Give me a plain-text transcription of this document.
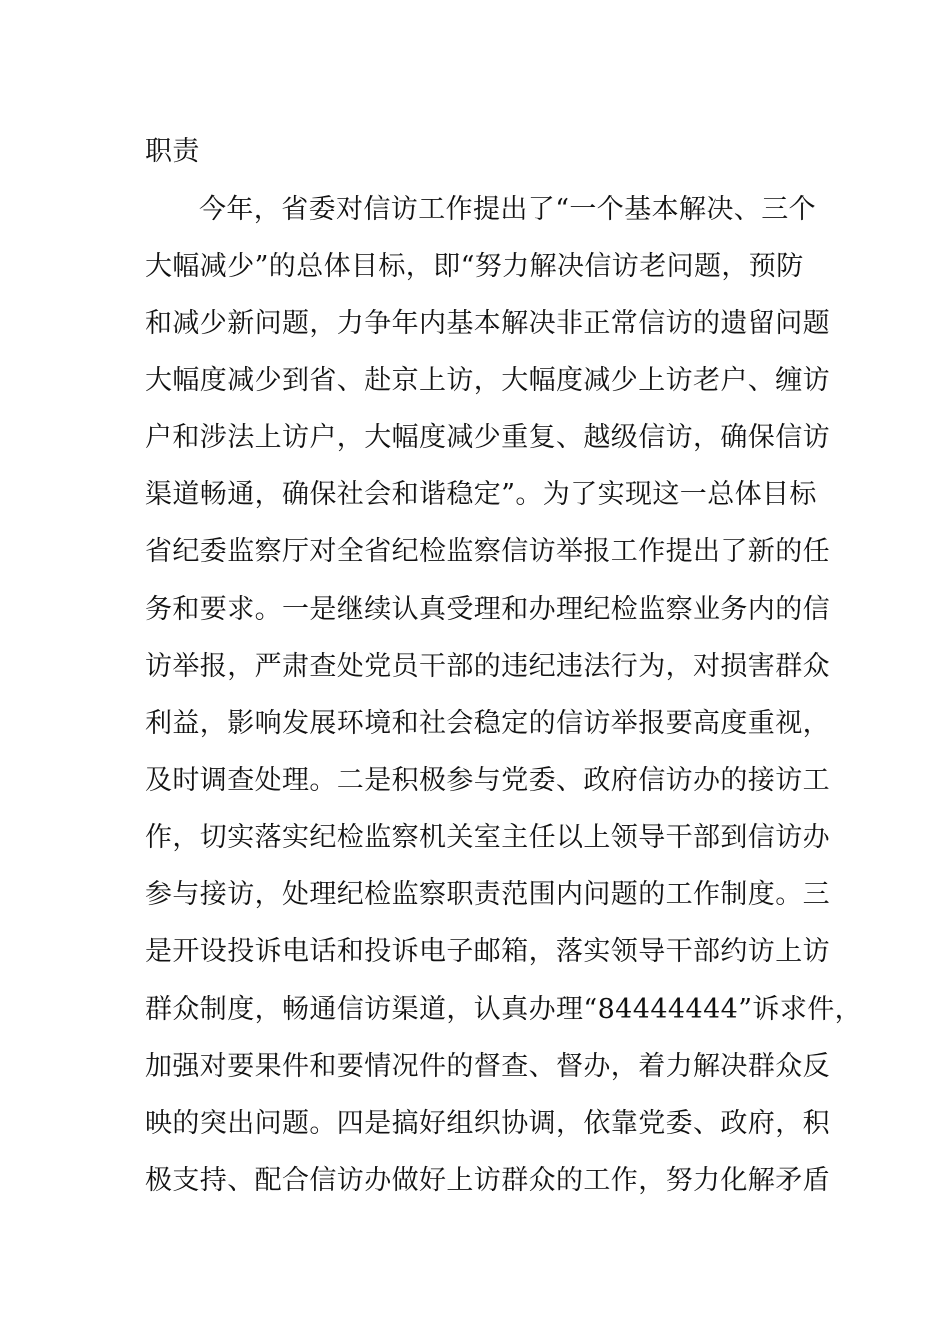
职责
今年，省委对信访工作提出了“一个基本解决、三个
大幅减少”的总体目标，即“努力解决信访老问题，预防
和减少新问题，力争年内基本解决非正常信访的遗留问题
大幅度减少到省、赴京上访，大幅度减少上访老户、缠访
户和涉法上访户，大幅度减少重复、越级信访，确保信访
渠道畅通，确保社会和谐稳定”。为了实现这一总体目标
省纪委监察厅对全省纪检监察信访举报工作提出了新的任
务和要求。一是继续认真受理和办理纪检监察业务内的信
访举报，严肃查处党员干部的违纪违法行为，对损害群众
利益，影响发展环境和社会稳定的信访举报要高度重视，
及时调查处理。二是积极参与党委、政府信访办的接访工
作，切实落实纪检监察机关室主任以上领导干部到信访办
参与接访，处理纪检监察职责范围内问题的工作制度。三
是开设投诉电话和投诉电子邮箱，落实领导干部约访上访
群众制度，畅通信访渠道，认真办理“84444444”诉求件，
加强对要果件和要情况件的督查、督办，着力解决群众反
映的突出问题。四是搞好组织协调，依靠党委、政府，积
极支持、配合信访办做好上访群众的工作，努力化解矛盾
